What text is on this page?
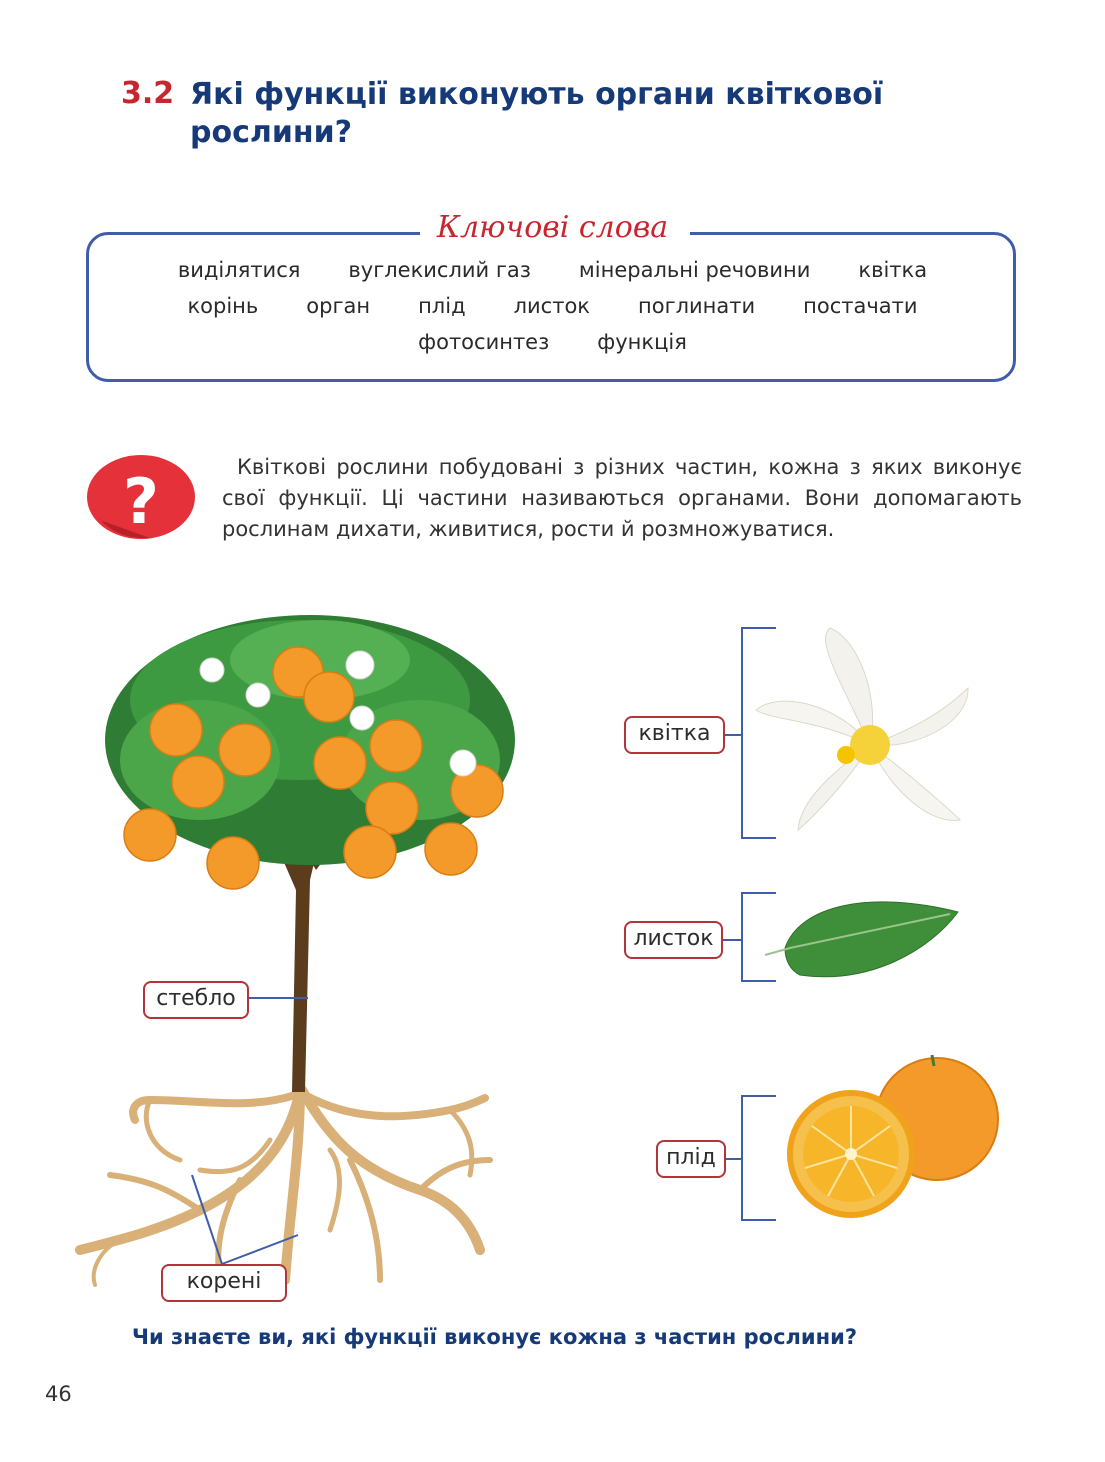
3.2 Які функції виконують органи квіткової рослини?
Ключові слова
виділятися вуглекислий газ мінеральні речовини квітка
корінь орган плід листок поглинати постачати
фотосинтез функція
?	Квіткові рослини побудовані з різних частин, кожна з яких виконує свої функції. Ці частини називаються органами. Вони допомагають рослинам дихати, живитися, рости й розмножуватися.
квітка
листок
плід
стебло
корені
Чи знаєте ви, які функції виконує кожна з частин рослини?
46
